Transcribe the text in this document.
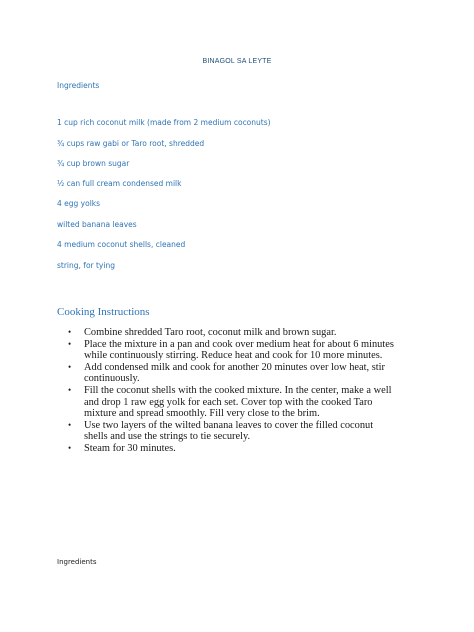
BINAGOL SA LEYTE
Ingredients
1 cup rich coconut milk (made from 2 medium coconuts)
¾ cups raw gabi or Taro root, shredded
¾ cup brown sugar
½ can full cream condensed milk
4 egg yolks
wilted banana leaves
4 medium coconut shells, cleaned
string, for tying
Cooking Instructions
• Combine shredded Taro root, coconut milk and brown sugar.
• Place the mixture in a pan and cook over medium heat for about 6 minutes while continuously stirring. Reduce heat and cook for 10 more minutes.
• Add condensed milk and cook for another 20 minutes over low heat, stir continuously.
• Fill the coconut shells with the cooked mixture. In the center, make a well and drop 1 raw egg yolk for each set. Cover top with the cooked Taro mixture and spread smoothly. Fill very close to the brim.
• Use two layers of the wilted banana leaves to cover the filled coconut shells and use the strings to tie securely.
• Steam for 30 minutes.
Ingredients
